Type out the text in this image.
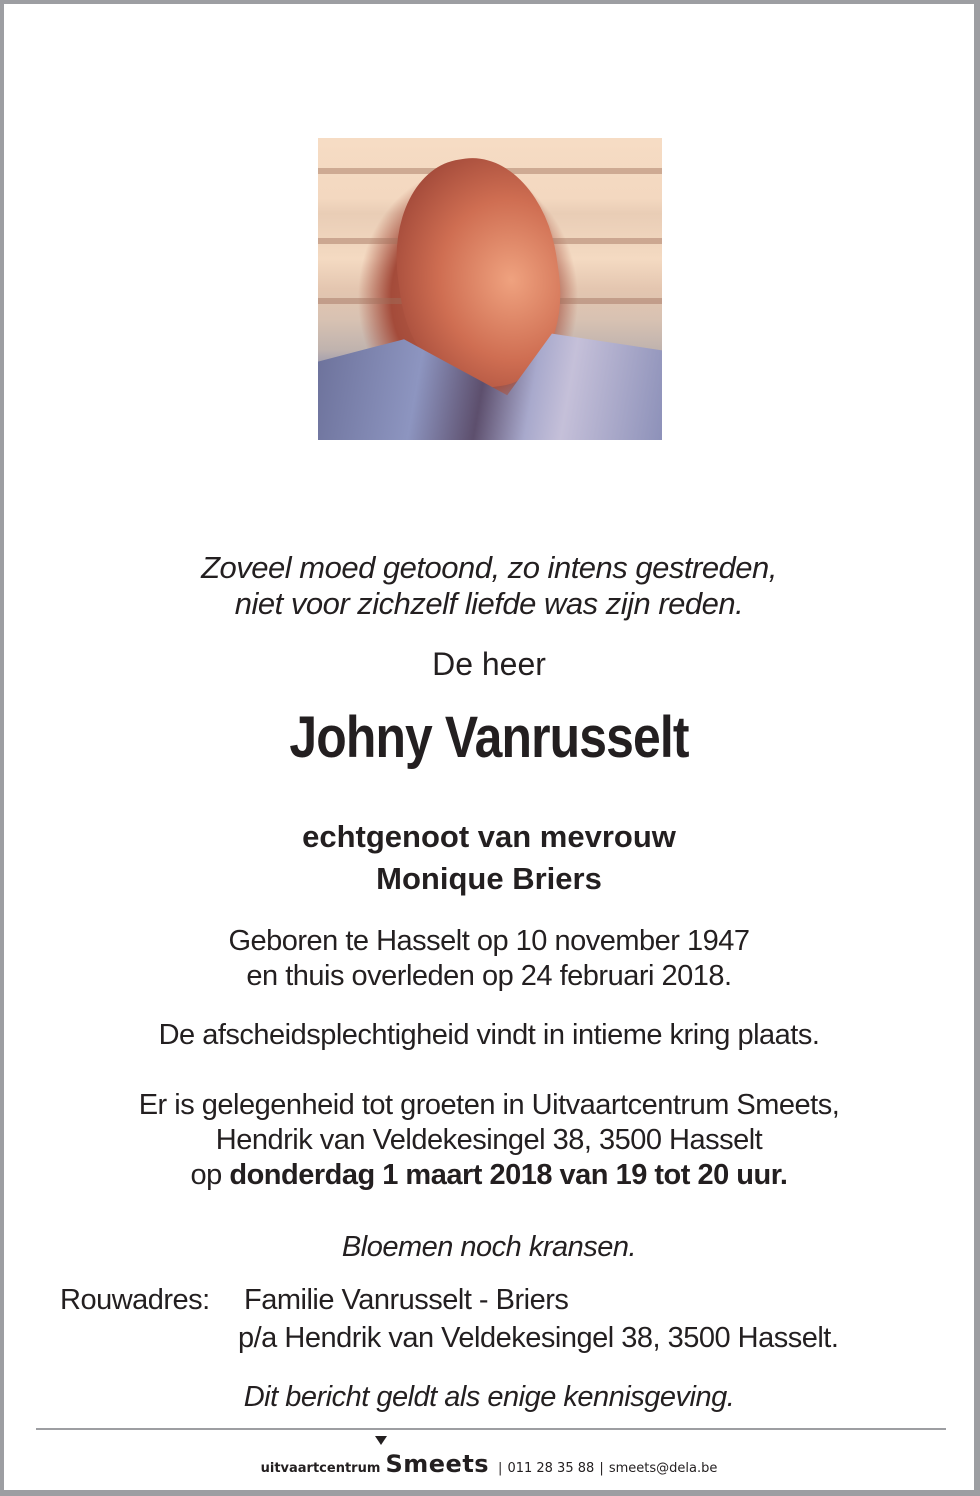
Zoveel moed getoond, zo intens gestreden,
niet voor zichzelf liefde was zijn reden.
De heer
Johny Vanrusselt
echtgenoot van mevrouw
Monique Briers
Geboren te Hasselt op 10 november 1947
en thuis overleden op 24 februari 2018.
De afscheidsplechtigheid vindt in intieme kring plaats.
Er is gelegenheid tot groeten in Uitvaartcentrum Smeets,
Hendrik van Veldekesingel 38, 3500 Hasselt
op donderdag 1 maart 2018 van 19 tot 20 uur.
Bloemen noch kransen.
Rouwadres: Familie Vanrusselt - Briers
p/a Hendrik van Veldekesingel 38, 3500 Hasselt.
Dit bericht geldt als enige kennisgeving.
uitvaartcentrum Smeets | 011 28 35 88 | smeets@dela.be
